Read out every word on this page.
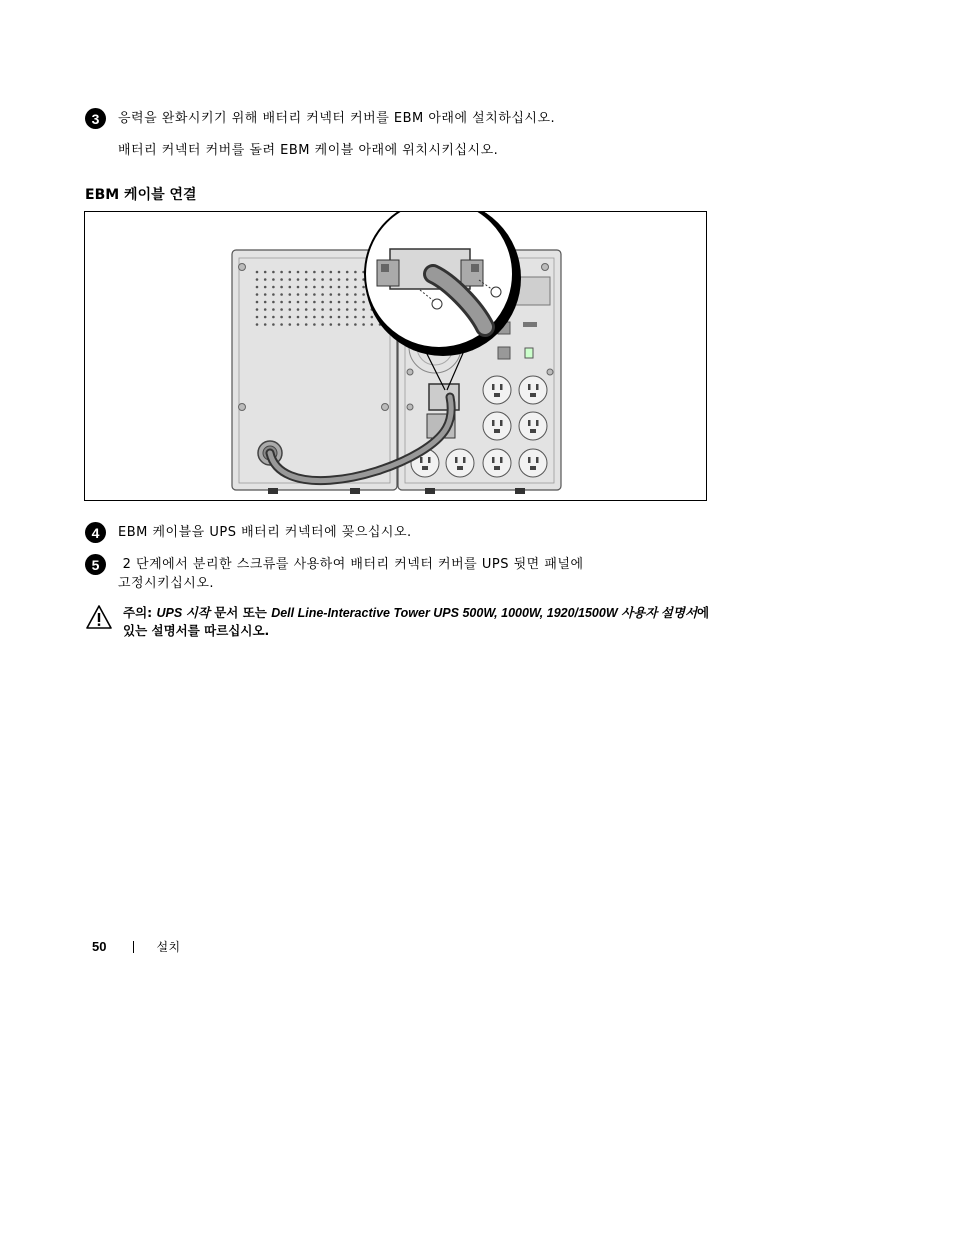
3	응력을 완화시키기 위해 배터리 커넥터 커버를 EBM 아래에 설치하십시오.
배터리 커넥터 커버를 돌려 EBM 케이블 아래에 위치시키십시오.
EBM 케이블 연결
4	EBM 케이블을 UPS 배터리 커넥터에 꽂으십시오.
5	2 단계에서 분리한 스크류를 사용하여 배터리 커넥터 커버를 UPS 뒷면 패널에
고정시키십시오.
주의: UPS 시작 문서 또는 Dell Line-Interactive Tower UPS 500W, 1000W, 1920/1500W 사용자 설명서에
있는 설명서를 따르십시오.
50	설치
